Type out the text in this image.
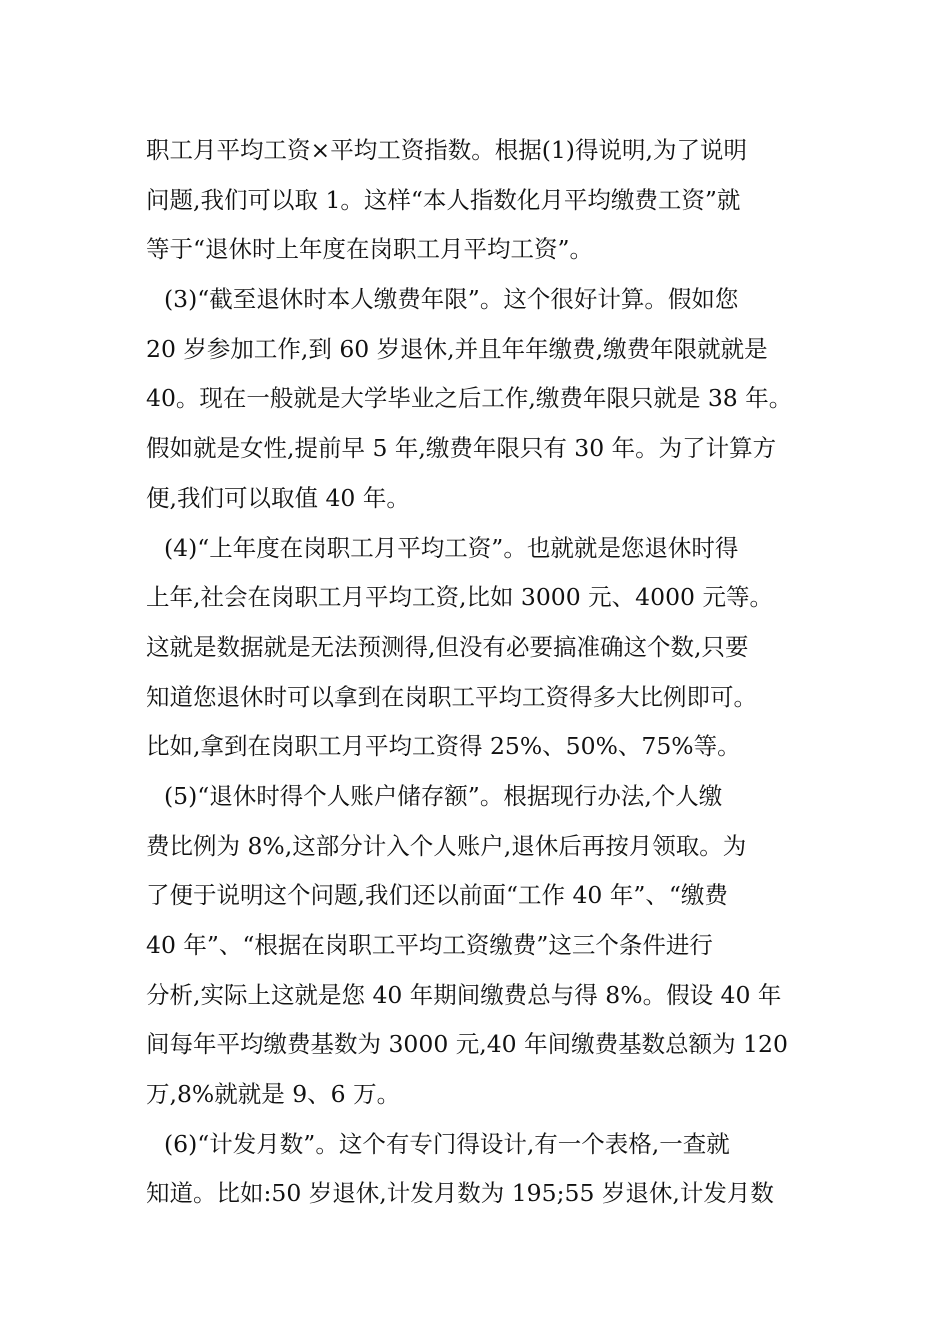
职工月平均工资×平均工资指数。根据(1)得说明,为了说明
问题,我们可以取 1。这样“本人指数化月平均缴费工资”就
等于“退休时上年度在岗职工月平均工资”。
(3)“截至退休时本人缴费年限”。这个很好计算。假如您
20 岁参加工作,到 60 岁退休,并且年年缴费,缴费年限就就是
40。现在一般就是大学毕业之后工作,缴费年限只就是 38 年。
假如就是女性,提前早 5 年,缴费年限只有 30 年。为了计算方
便,我们可以取值 40 年。
(4)“上年度在岗职工月平均工资”。也就就是您退休时得
上年,社会在岗职工月平均工资,比如 3000 元、4000 元等。
这就是数据就是无法预测得,但没有必要搞准确这个数,只要
知道您退休时可以拿到在岗职工平均工资得多大比例即可。
比如,拿到在岗职工月平均工资得 25%、50%、75%等。
(5)“退休时得个人账户储存额”。根据现行办法,个人缴
费比例为 8%,这部分计入个人账户,退休后再按月领取。为
了便于说明这个问题,我们还以前面“工作 40 年”、“缴费
40 年”、“根据在岗职工平均工资缴费”这三个条件进行
分析,实际上这就是您 40 年期间缴费总与得 8%。假设 40 年
间每年平均缴费基数为 3000 元,40 年间缴费基数总额为 120
万,8%就就是 9、6 万。
(6)“计发月数”。这个有专门得设计,有一个表格,一查就
知道。比如:50 岁退休,计发月数为 195;55 岁退休,计发月数
